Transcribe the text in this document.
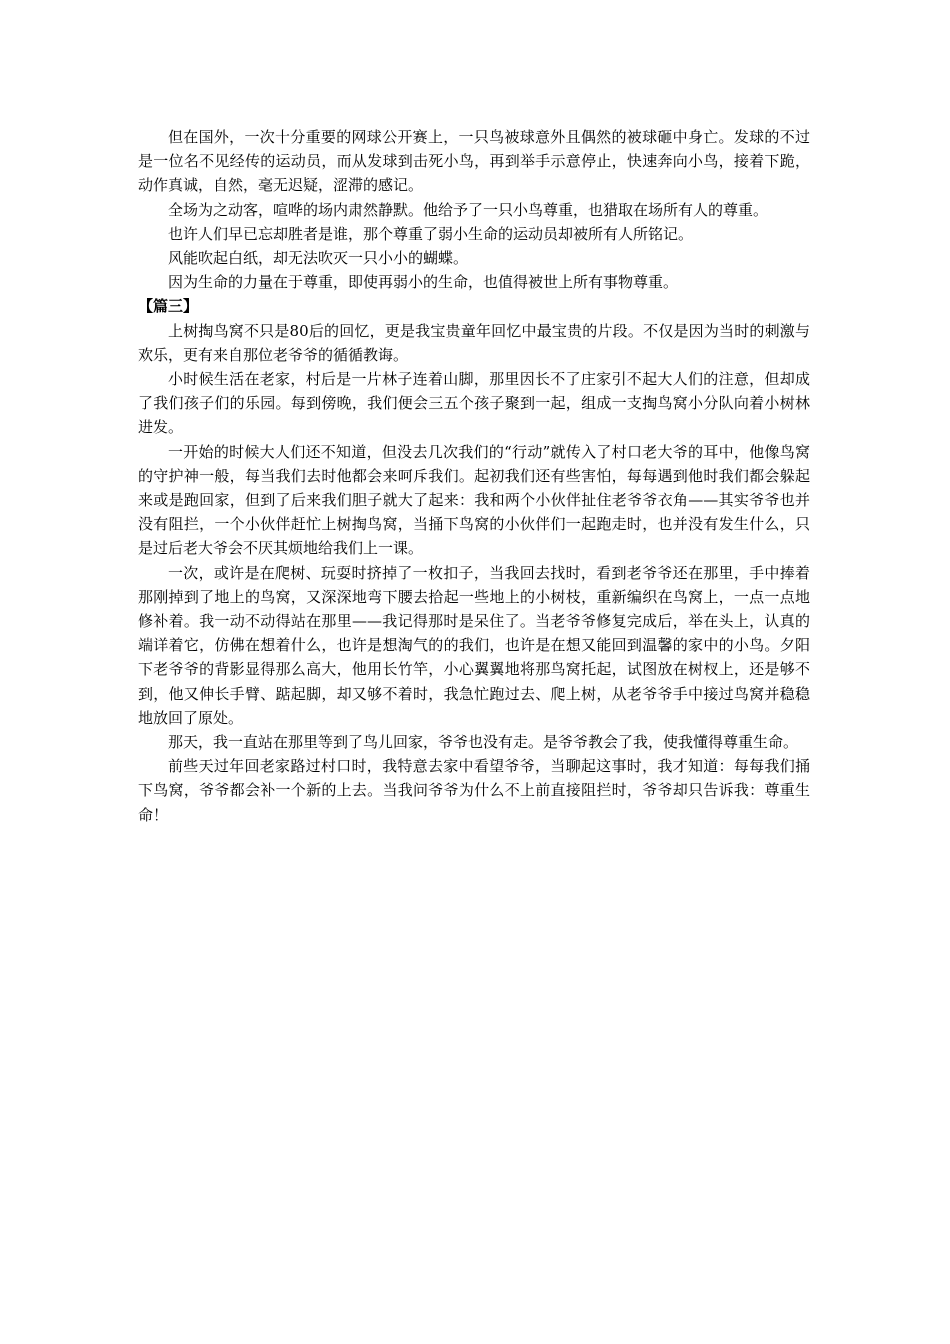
但在国外，一次十分重要的网球公开赛上，一只鸟被球意外且偶然的被球砸中身亡。发球的不过是一位名不见经传的运动员，而从发球到击死小鸟，再到举手示意停止，快速奔向小鸟，接着下跪，动作真诚，自然，毫无迟疑，涩滞的感记。

全场为之动客，喧哗的场内肃然静默。他给予了一只小鸟尊重，也猎取在场所有人的尊重。

也许人们早已忘却胜者是谁，那个尊重了弱小生命的运动员却被所有人所铭记。

风能吹起白纸，却无法吹灭一只小小的蝴蝶。

因为生命的力量在于尊重，即使再弱小的生命，也值得被世上所有事物尊重。

【篇三】

上树掏鸟窝不只是80后的回忆，更是我宝贵童年回忆中最宝贵的片段。不仅是因为当时的刺激与欢乐，更有来自那位老爷爷的循循教诲。

小时候生活在老家，村后是一片林子连着山脚，那里因长不了庄家引不起大人们的注意，但却成了我们孩子们的乐园。每到傍晚，我们便会三五个孩子聚到一起，组成一支掏鸟窝小分队向着小树林进发。

一开始的时候大人们还不知道，但没去几次我们的“行动”就传入了村口老大爷的耳中，他像鸟窝的守护神一般，每当我们去时他都会来呵斥我们。起初我们还有些害怕，每每遇到他时我们都会躲起来或是跑回家，但到了后来我们胆子就大了起来：我和两个小伙伴扯住老爷爷衣角——其实爷爷也并没有阻拦，一个小伙伴赶忙上树掏鸟窝，当捅下鸟窝的小伙伴们一起跑走时，也并没有发生什么，只是过后老大爷会不厌其烦地给我们上一课。

一次，或许是在爬树、玩耍时挤掉了一枚扣子，当我回去找时，看到老爷爷还在那里，手中捧着那刚掉到了地上的鸟窝，又深深地弯下腰去拾起一些地上的小树枝，重新编织在鸟窝上，一点一点地修补着。我一动不动得站在那里——我记得那时是呆住了。当老爷爷修复完成后，举在头上，认真的端详着它，仿佛在想着什么，也许是想淘气的的我们，也许是在想又能回到温馨的家中的小鸟。夕阳下老爷爷的背影显得那么高大，他用长竹竿，小心翼翼地将那鸟窝托起，试图放在树杈上，还是够不到，他又伸长手臂、踮起脚，却又够不着时，我急忙跑过去、爬上树，从老爷爷手中接过鸟窝并稳稳地放回了原处。

那天，我一直站在那里等到了鸟儿回家，爷爷也没有走。是爷爷教会了我，使我懂得尊重生命。

前些天过年回老家路过村口时，我特意去家中看望爷爷，当聊起这事时，我才知道：每每我们捅下鸟窝，爷爷都会补一个新的上去。当我问爷爷为什么不上前直接阻拦时，爷爷却只告诉我：尊重生命！
